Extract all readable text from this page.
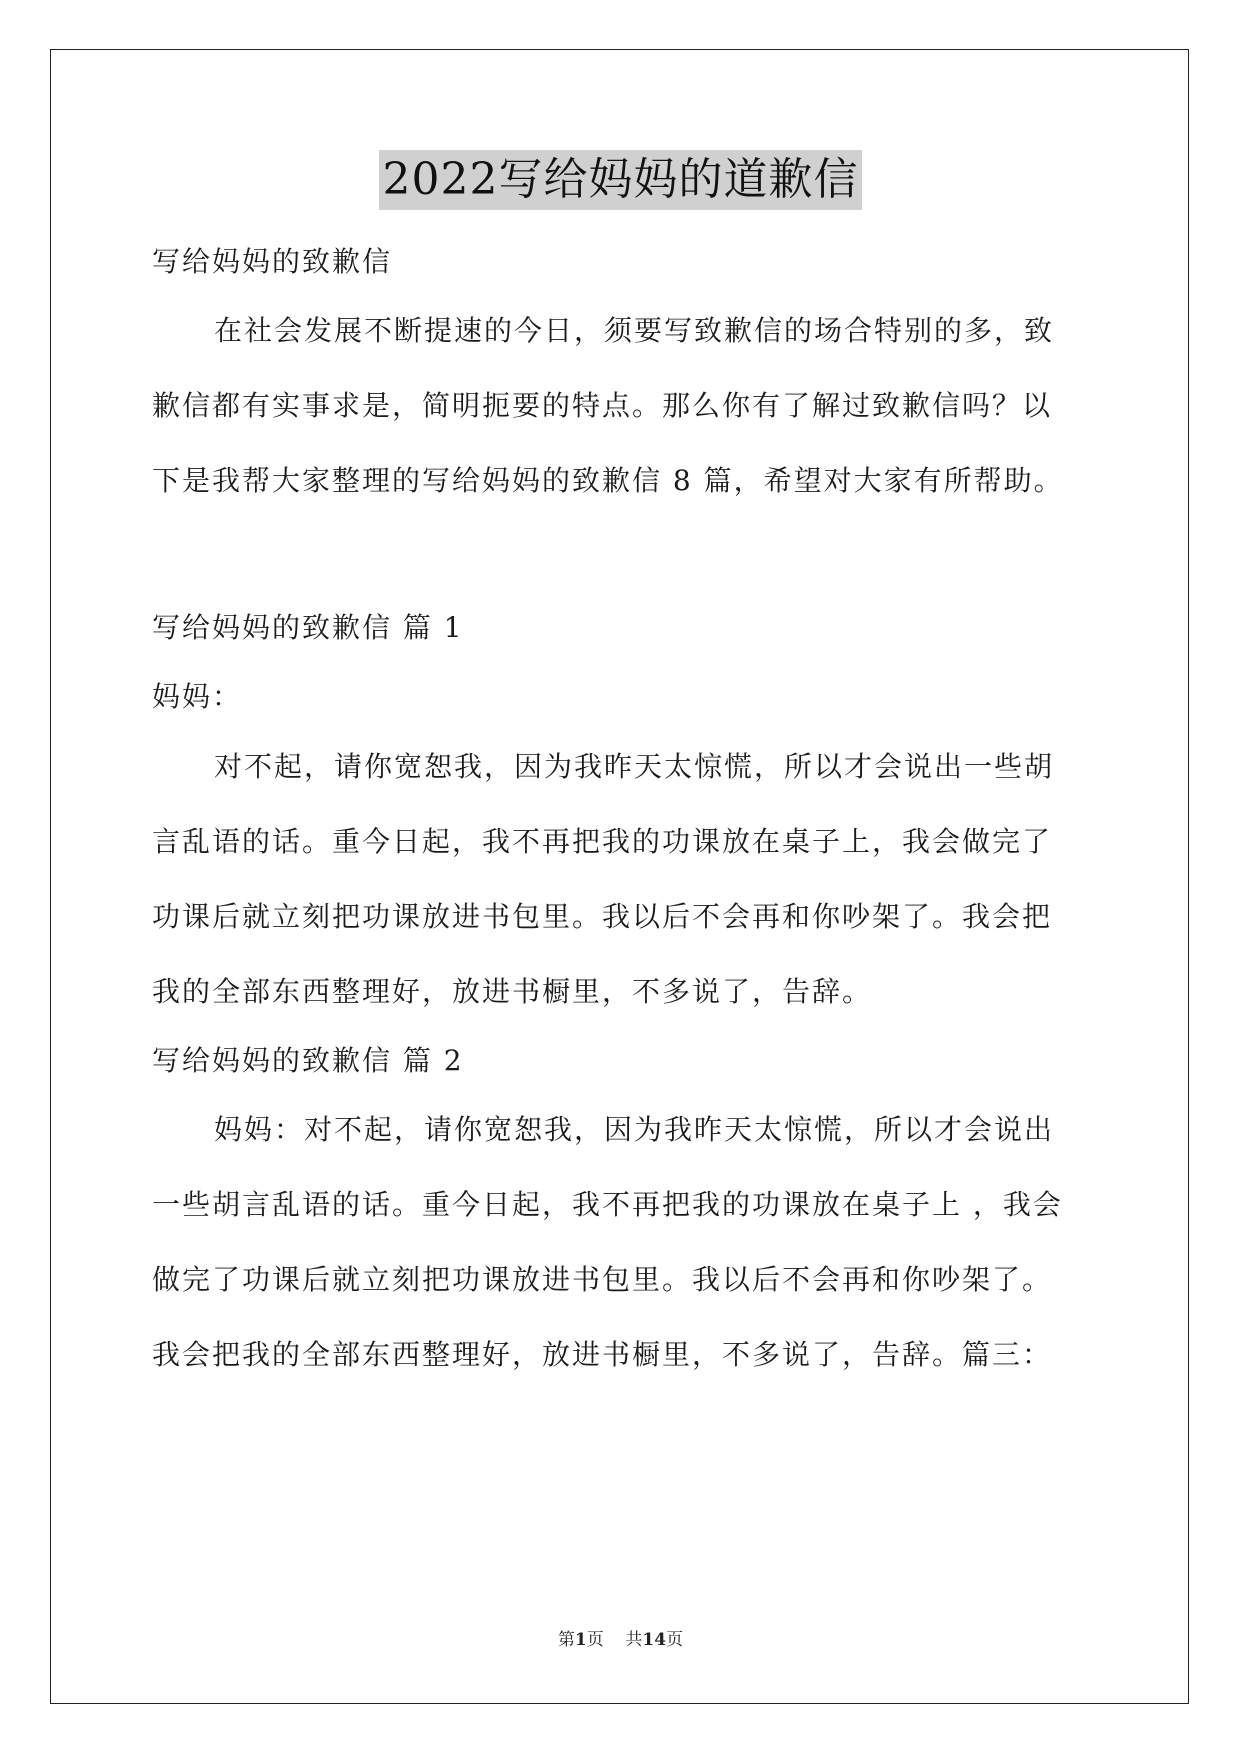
2022写给妈妈的道歉信
写给妈妈的致歉信
在社会发展不断提速的今日，须要写致歉信的场合特别的多，致
歉信都有实事求是，简明扼要的特点。那么你有了解过致歉信吗？以
下是我帮大家整理的写给妈妈的致歉信 8 篇，希望对大家有所帮助。
写给妈妈的致歉信 篇 1
妈妈：
对不起，请你宽恕我，因为我昨天太惊慌，所以才会说出一些胡
言乱语的话。重今日起，我不再把我的功课放在桌子上，我会做完了
功课后就立刻把功课放进书包里。我以后不会再和你吵架了。我会把
我的全部东西整理好，放进书橱里，不多说了，告辞。
写给妈妈的致歉信 篇 2
妈妈：对不起，请你宽恕我，因为我昨天太惊慌，所以才会说出
一些胡言乱语的话。重今日起，我不再把我的功课放在桌子上 ，我会
做完了功课后就立刻把功课放进书包里。我以后不会再和你吵架了。
我会把我的全部东西整理好，放进书橱里，不多说了，告辞。篇三：
第1页    共14页
